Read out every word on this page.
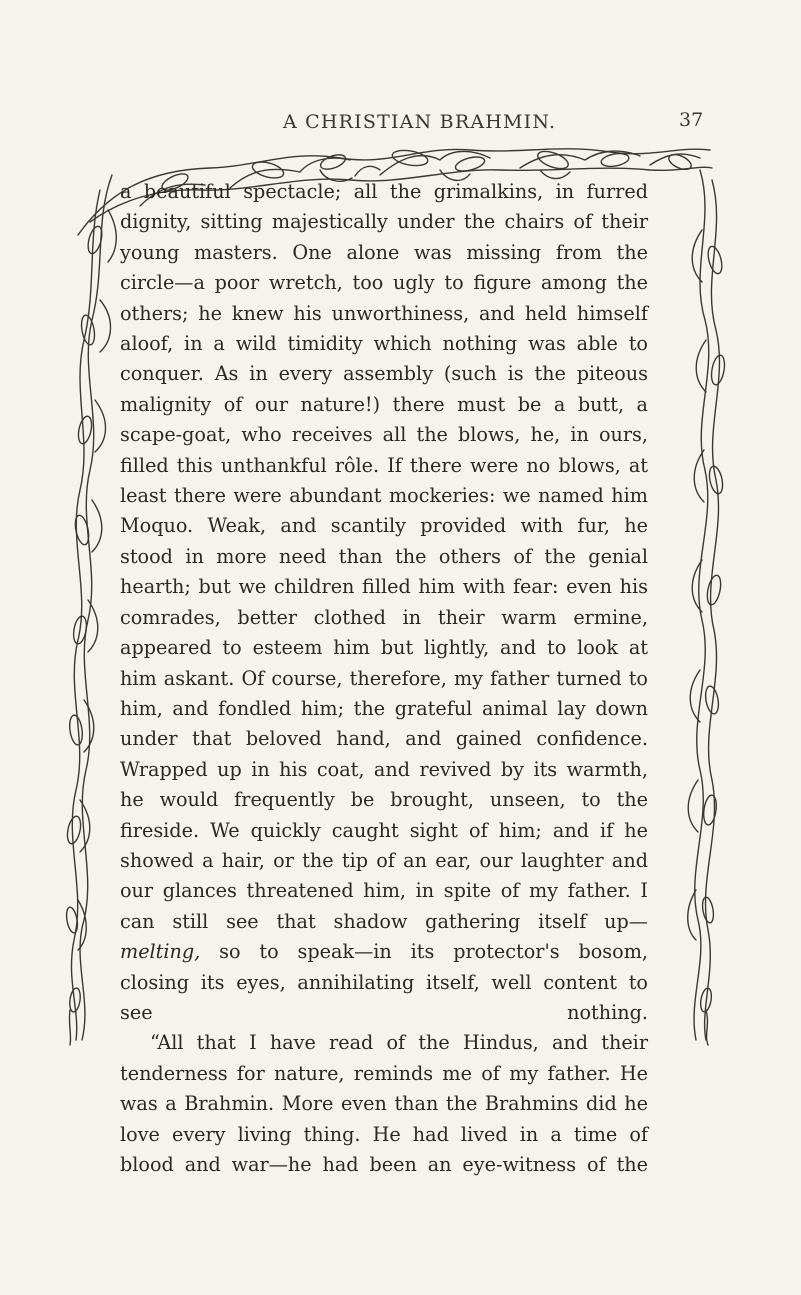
A CHRISTIAN BRAHMIN.	37

a beautiful spectacle; all the grimalkins, in furred dignity, sitting majestically under the chairs of their young masters. One alone was missing from the circle—a poor wretch, too ugly to figure among the others; he knew his unworthiness, and held himself aloof, in a wild timidity which nothing was able to conquer. As in every assembly (such is the piteous malignity of our nature!) there must be a butt, a scape-goat, who receives all the blows, he, in ours, filled this unthankful rôle. If there were no blows, at least there were abundant mockeries: we named him Moquo. Weak, and scantily provided with fur, he stood in more need than the others of the genial hearth; but we children filled him with fear: even his comrades, better clothed in their warm ermine, appeared to esteem him but lightly, and to look at him askant. Of course, therefore, my father turned to him, and fondled him; the grateful animal lay down under that beloved hand, and gained confidence. Wrapped up in his coat, and revived by its warmth, he would frequently be brought, unseen, to the fireside. We quickly caught sight of him; and if he showed a hair, or the tip of an ear, our laughter and our glances threatened him, in spite of my father. I can still see that shadow gathering itself up—melting, so to speak—in its protector's bosom, closing its eyes, annihilating itself, well content to see nothing.

“All that I have read of the Hindus, and their tenderness for nature, reminds me of my father. He was a Brahmin. More even than the Brahmins did he love every living thing. He had lived in a time of blood and war—he had been an eye-witness of the
